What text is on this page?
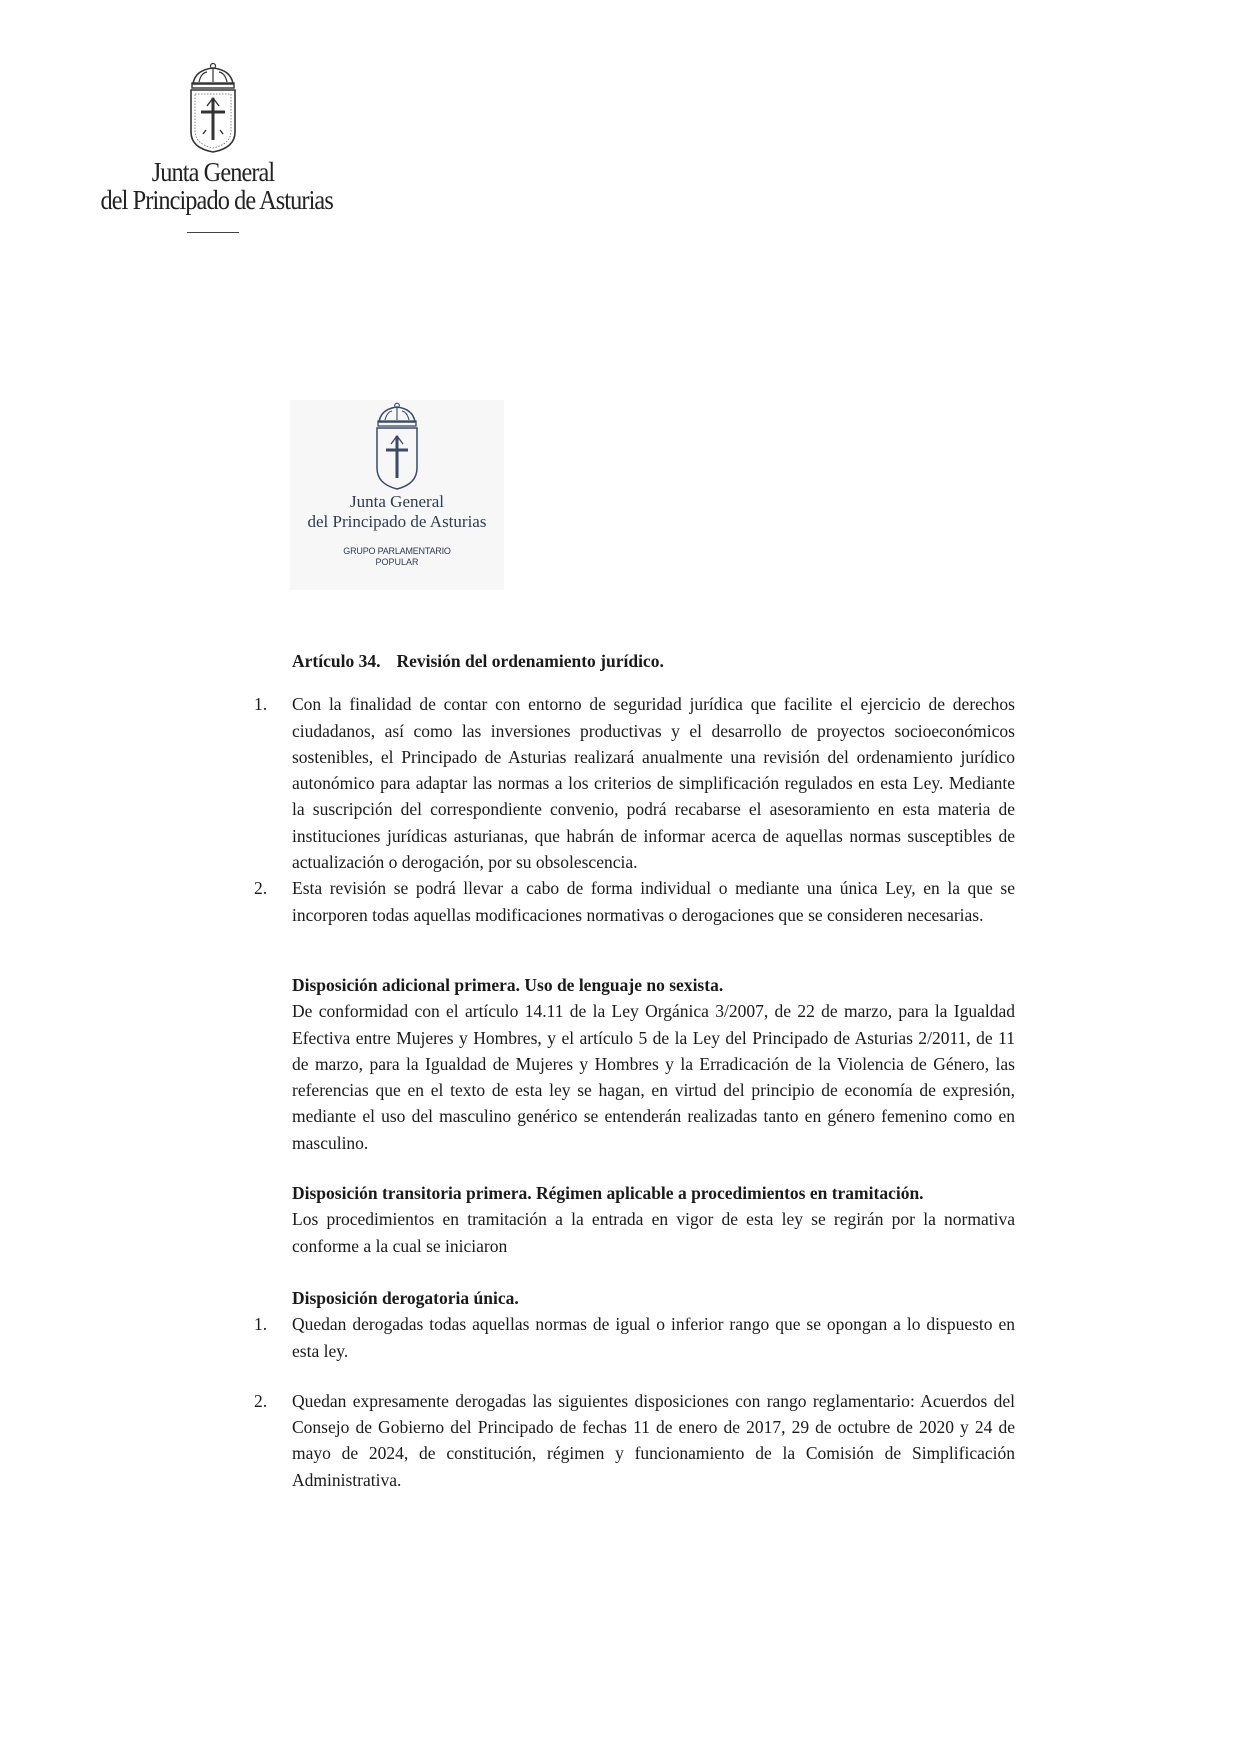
Junta General
del Principado de Asturias
Junta General
del Principado de Asturias
GRUPO PARLAMENTARIO
POPULAR

Artículo 34. Revisión del ordenamiento jurídico.

1. Con la finalidad de contar con entorno de seguridad jurídica que facilite el ejercicio de derechos ciudadanos, así como las inversiones productivas y el desarrollo de proyectos socioeconómicos sostenibles, el Principado de Asturias realizará anualmente una revisión del ordenamiento jurídico autonómico para adaptar las normas a los criterios de simplificación regulados en esta Ley. Mediante la suscripción del correspondiente convenio, podrá recabarse el asesoramiento en esta materia de instituciones jurídicas asturianas, que habrán de informar acerca de aquellas normas susceptibles de actualización o derogación, por su obsolescencia.
2. Esta revisión se podrá llevar a cabo de forma individual o mediante una única Ley, en la que se incorporen todas aquellas modificaciones normativas o derogaciones que se consideren necesarias.

Disposición adicional primera. Uso de lenguaje no sexista.

De conformidad con el artículo 14.11 de la Ley Orgánica 3/2007, de 22 de marzo, para la Igualdad Efectiva entre Mujeres y Hombres, y el artículo 5 de la Ley del Principado de Asturias 2/2011, de 11 de marzo, para la Igualdad de Mujeres y Hombres y la Erradicación de la Violencia de Género, las referencias que en el texto de esta ley se hagan, en virtud del principio de economía de expresión, mediante el uso del masculino genérico se entenderán realizadas tanto en género femenino como en masculino.

Disposición transitoria primera. Régimen aplicable a procedimientos en tramitación.

Los procedimientos en tramitación a la entrada en vigor de esta ley se regirán por la normativa conforme a la cual se iniciaron

Disposición derogatoria única.

1. Quedan derogadas todas aquellas normas de igual o inferior rango que se opongan a lo dispuesto en esta ley.
2. Quedan expresamente derogadas las siguientes disposiciones con rango reglamentario: Acuerdos del Consejo de Gobierno del Principado de fechas 11 de enero de 2017, 29 de octubre de 2020 y 24 de mayo de 2024, de constitución, régimen y funcionamiento de la Comisión de Simplificación Administrativa.
